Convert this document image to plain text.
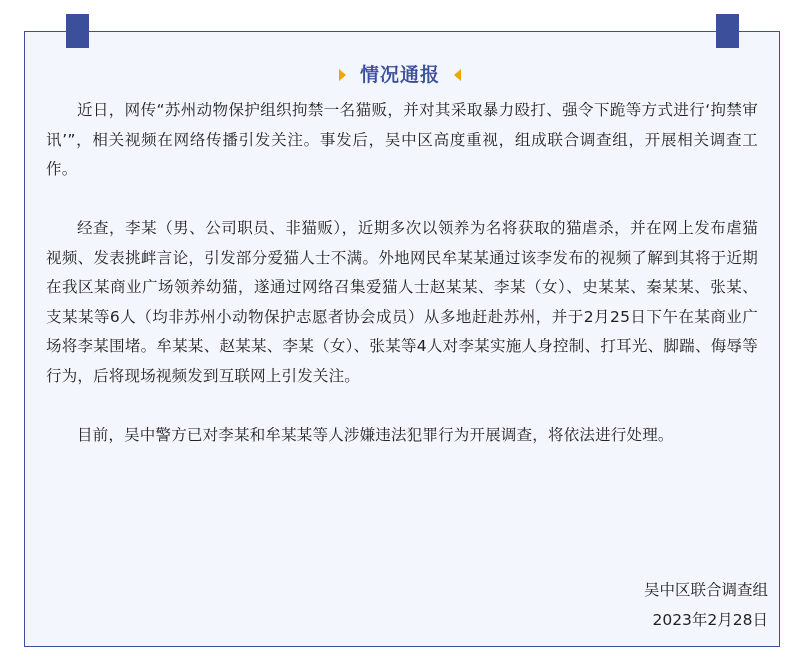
情况通报

近日，网传“苏州动物保护组织拘禁一名猫贩，并对其采取暴力殴打、强令下跪等方式进行‘拘禁审讯’”，相关视频在网络传播引发关注。事发后，吴中区高度重视，组成联合调查组，开展相关调查工作。

经查，李某（男、公司职员、非猫贩），近期多次以领养为名将获取的猫虐杀，并在网上发布虐猫视频、发表挑衅言论，引发部分爱猫人士不满。外地网民牟某某通过该李发布的视频了解到其将于近期在我区某商业广场领养幼猫，遂通过网络召集爱猫人士赵某某、李某（女）、史某某、秦某某、张某、支某某等6人（均非苏州小动物保护志愿者协会成员）从多地赶赴苏州，并于2月25日下午在某商业广场将李某围堵。牟某某、赵某某、李某（女）、张某等4人对李某实施人身控制、打耳光、脚踹、侮辱等行为，后将现场视频发到互联网上引发关注。

目前，吴中警方已对李某和牟某某等人涉嫌违法犯罪行为开展调查，将依法进行处理。

吴中区联合调查组
2023年2月28日
